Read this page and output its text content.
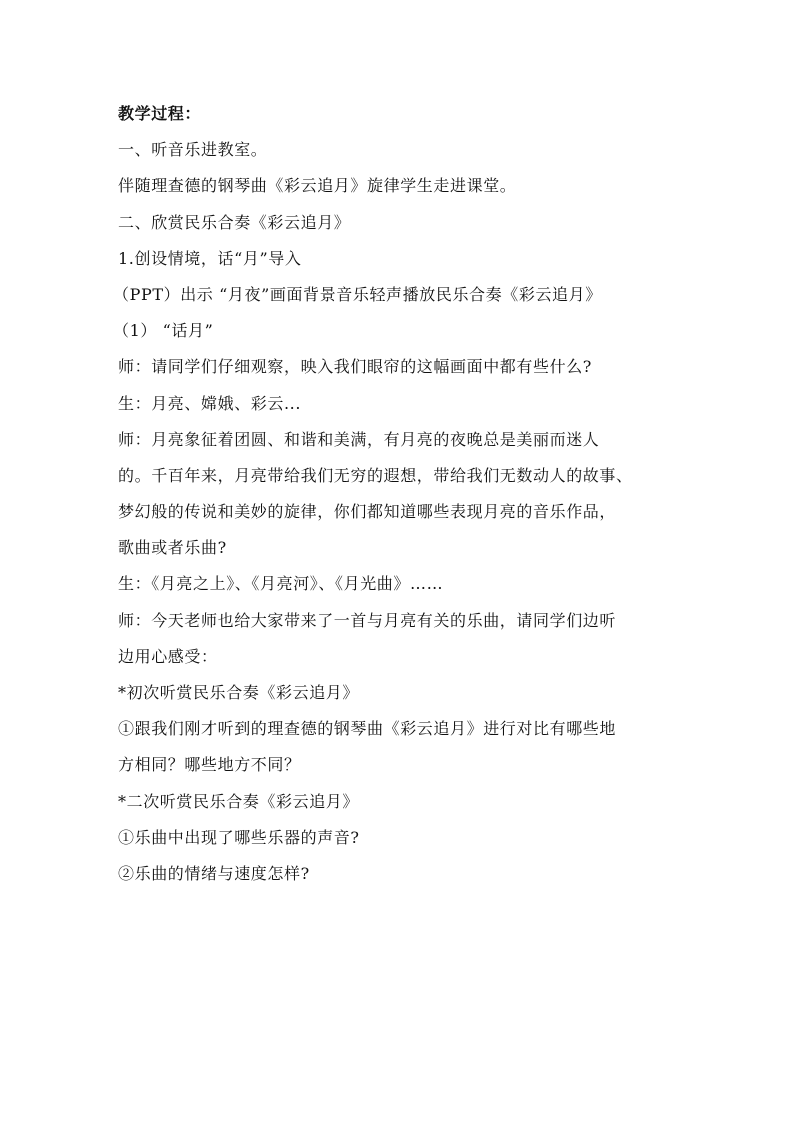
教学过程：
一、听音乐进教室。
伴随理查德的钢琴曲《彩云追月》旋律学生走进课堂。
二、欣赏民乐合奏《彩云追月》
1.创设情境，话“月”导入
（PPT）出示 “月夜”画面背景音乐轻声播放民乐合奏《彩云追月》
（1） “话月”
师：请同学们仔细观察，映入我们眼帘的这幅画面中都有些什么?
生：月亮、嫦娥、彩云...
师：月亮象征着团圆、和谐和美满，有月亮的夜晚总是美丽而迷人
的。千百年来，月亮带给我们无穷的遐想，带给我们无数动人的故事、
梦幻般的传说和美妙的旋律，你们都知道哪些表现月亮的音乐作品，
歌曲或者乐曲?
生：《月亮之上》、《月亮河》、《月光曲》……
师：今天老师也给大家带来了一首与月亮有关的乐曲，请同学们边听
边用心感受：
*初次听赏民乐合奏《彩云追月》
①跟我们刚才听到的理查德的钢琴曲《彩云追月》进行对比有哪些地
方相同？哪些地方不同？
*二次听赏民乐合奏《彩云追月》
①乐曲中出现了哪些乐器的声音?
②乐曲的情绪与速度怎样?
